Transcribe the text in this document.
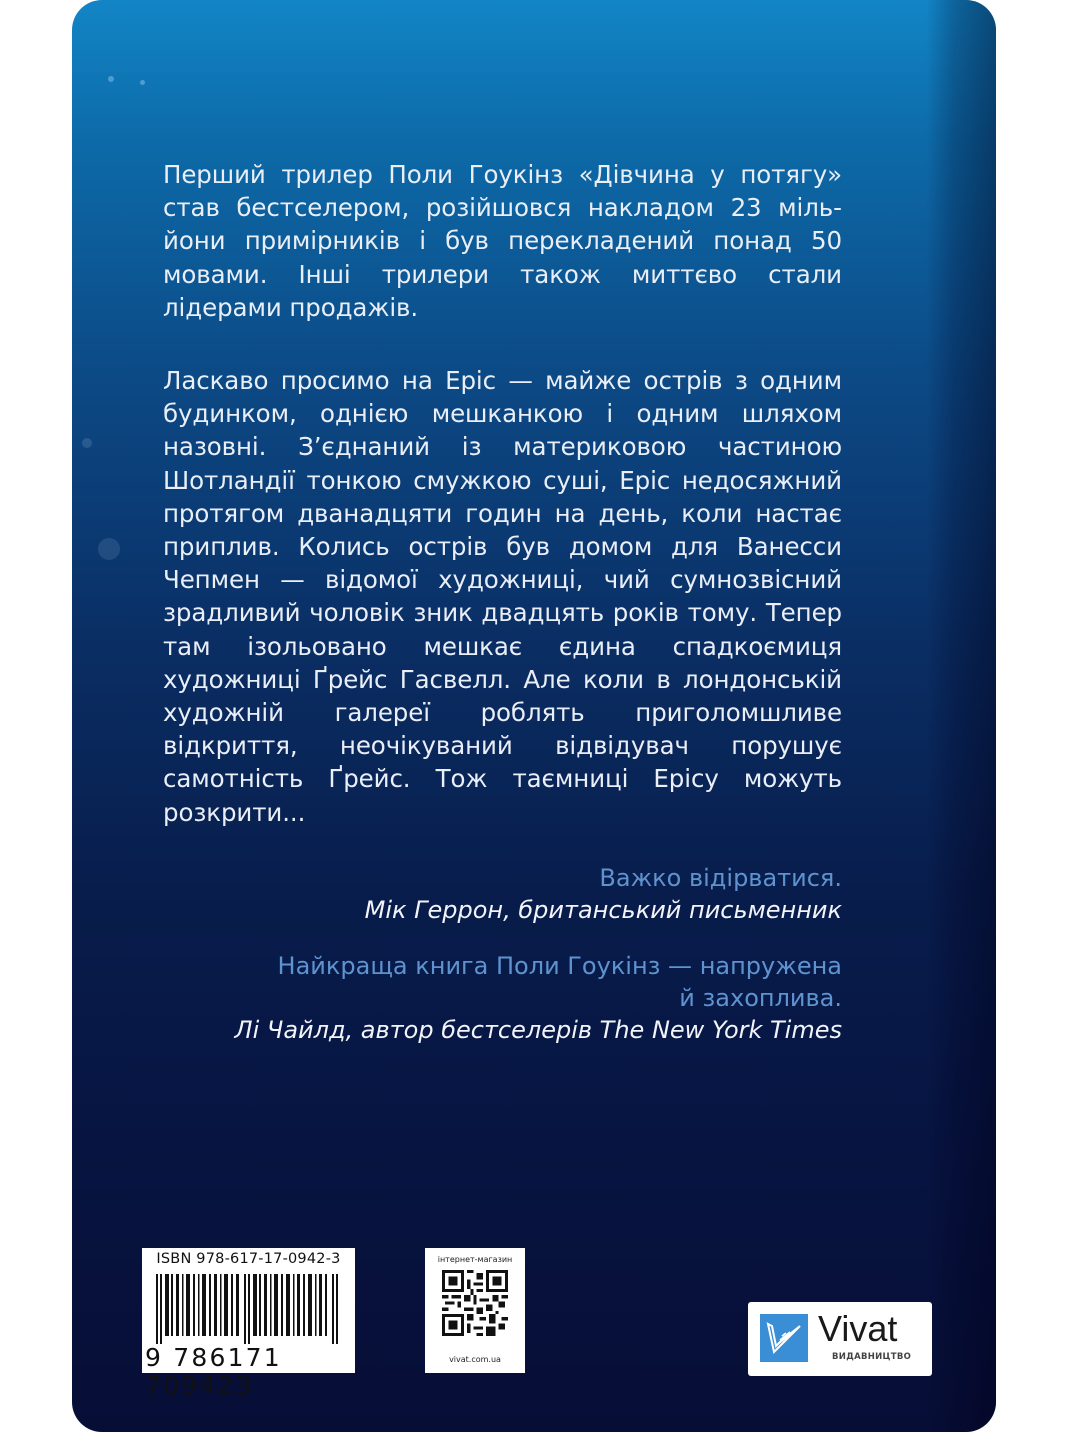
Перший трилер Поли Гоукінз «Дівчина у потягу» став бестселером, розійшовся накладом 23 мільйони примірників і був перекладений понад 50 мовами. Інші трилери також миттєво стали лідерами продажів.
Ласкаво просимо на Еріс — майже острів з одним будинком, однією мешканкою і одним шляхом назовні. З’єднаний із материковою частиною Шотландії тонкою смужкою суші, Еріс недосяжний протягом дванадцяти годин на день, коли настає приплив. Колись острів був домом для Ванесси Чепмен — відомої художниці, чий сумнозвісний зрадливий чоловік зник двадцять років тому. Тепер там ізольовано мешкає єдина спадкоємиця художниці Ґрейс Гасвелл. Але коли в лондонській художній галереї роблять приголомшливе відкриття, неочікуваний відвідувач порушує самотність Ґрейс. Тож таємниці Ерісу можуть розкрити...
Важко відірватися.
Мік Геррон, британський письменник
Найкраща книга Поли Гоукінз — напружена
й захоплива.
Лі Чайлд, автор бестселерів The New York Times
ISBN 978-617-17-0942-3
9 786171 709423
інтернет-магазин
vivat.com.ua
Vivat
ВИДАВНИЦТВО
